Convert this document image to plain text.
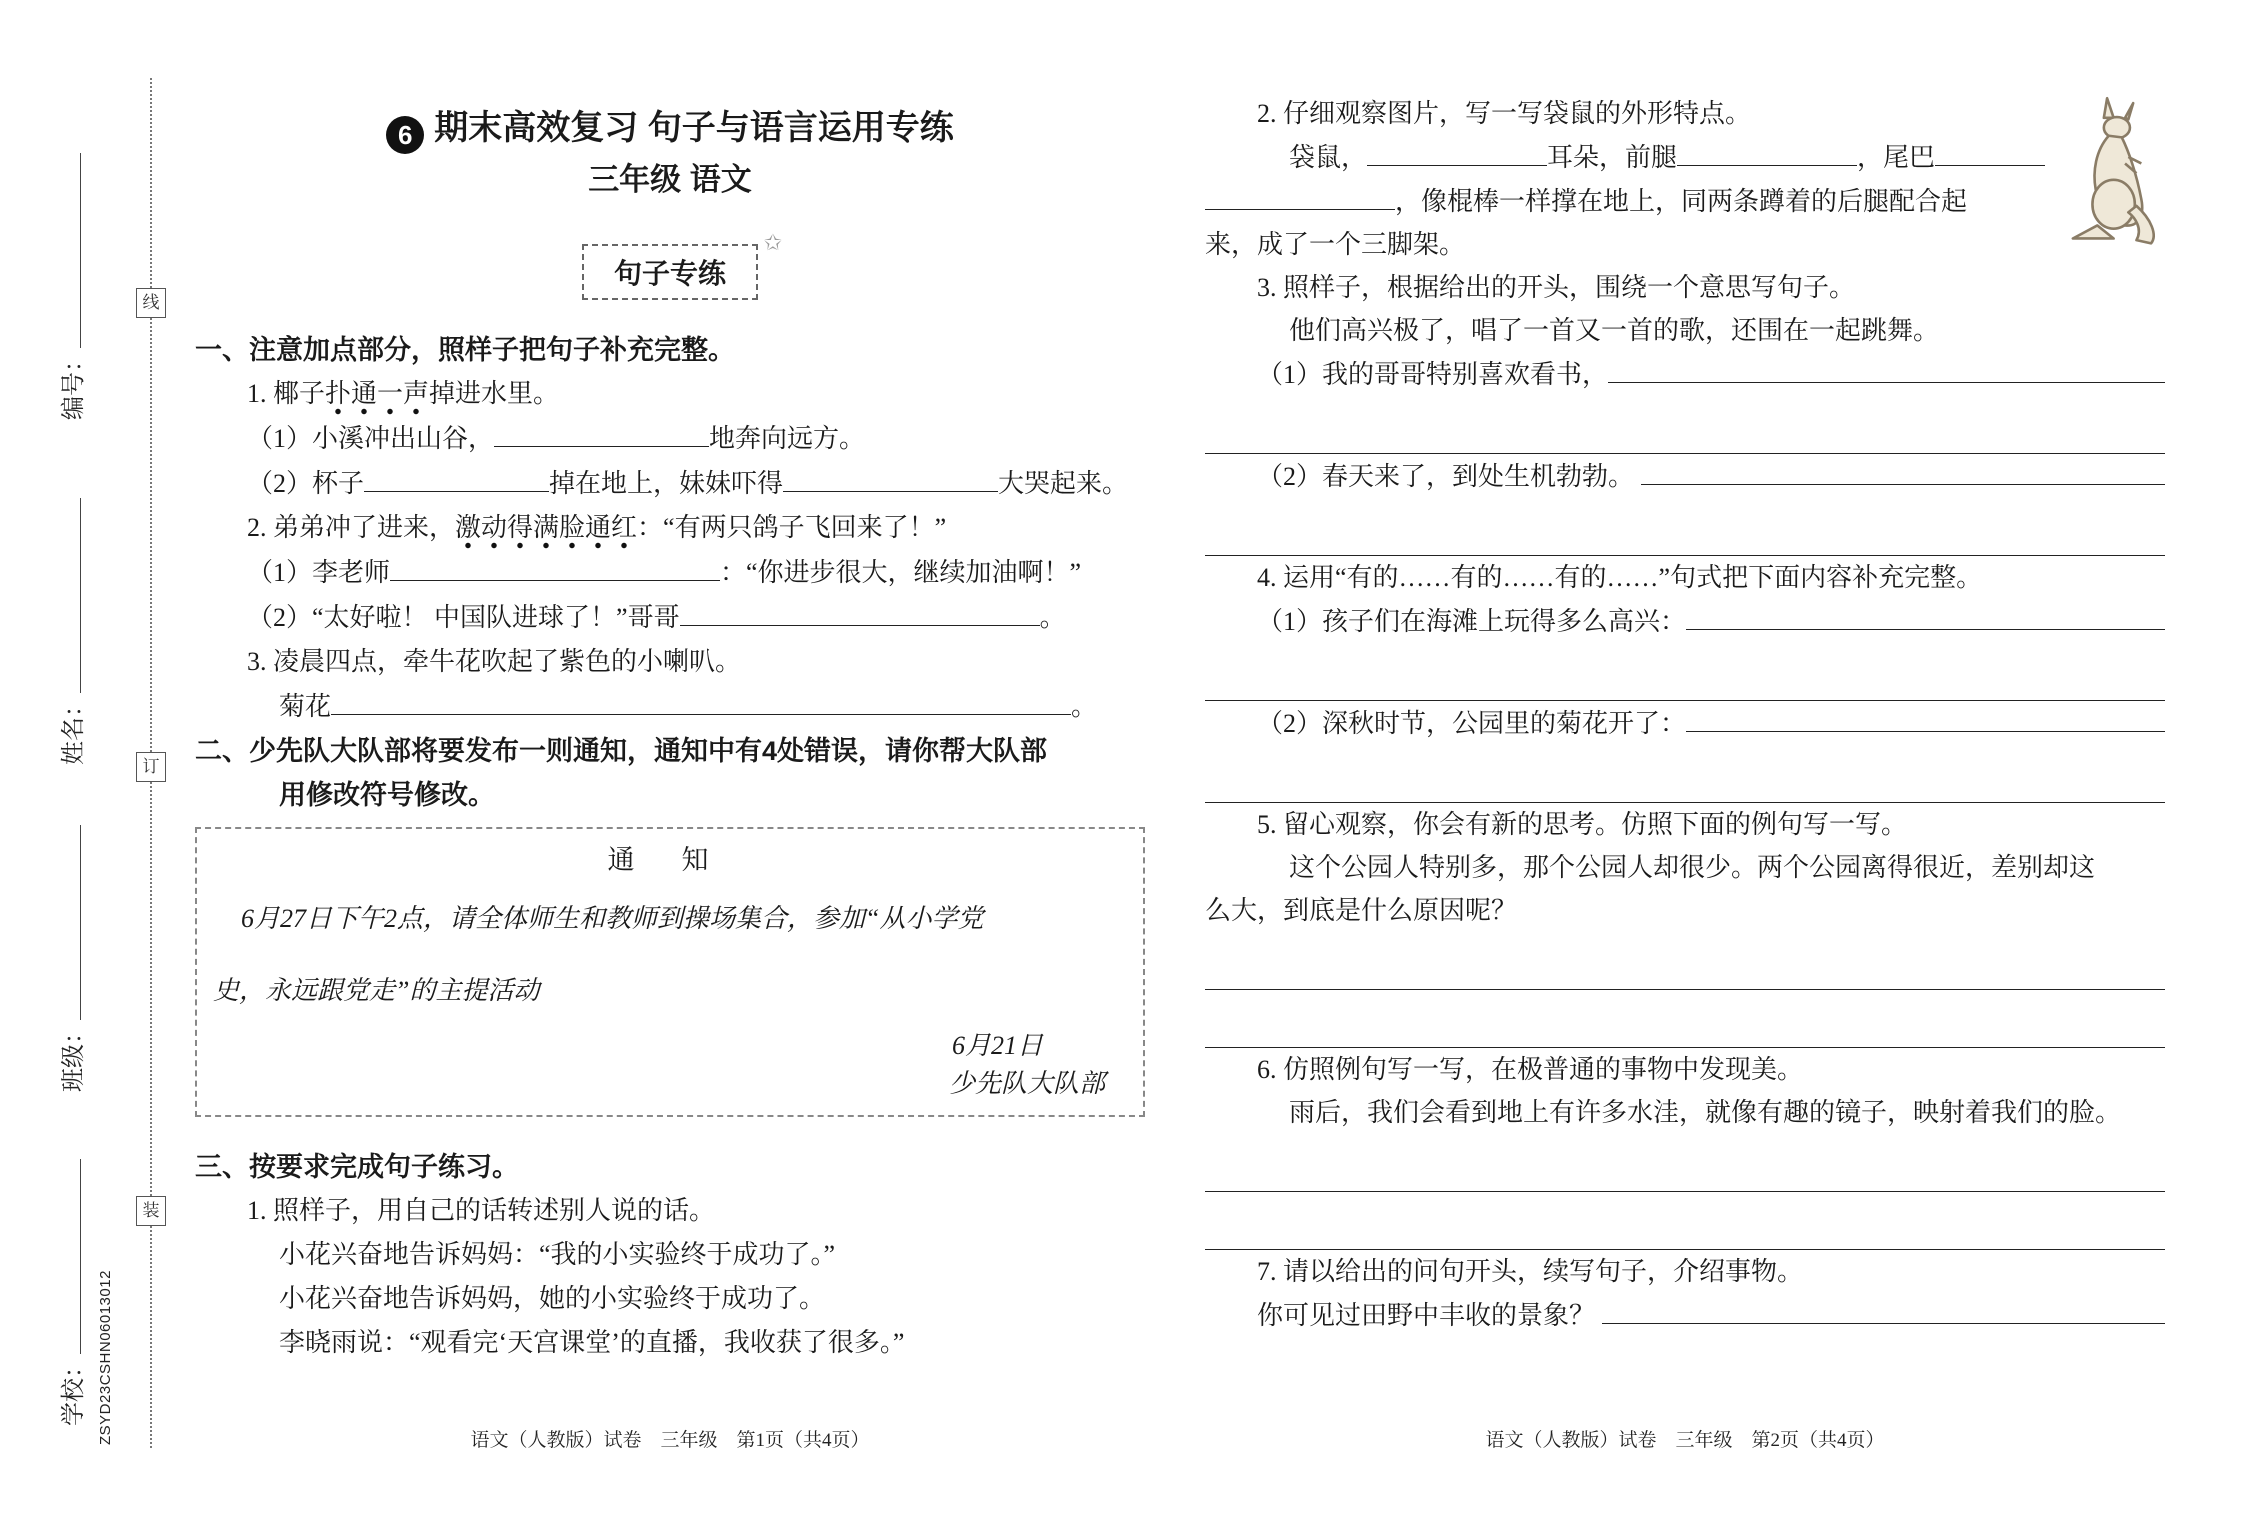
线
订
装
编号：
姓名：
班级：
学校： ZSYD23CSHN06013012
6 期末高效复习 句子与语言运用专练
三年级 语文
句子专练
✩
一、注意加点部分，照样子把句子补充完整。
1. 椰子 扑通一声 掉进水里。
（1）小溪冲出山谷，	地奔向远方。
（2）杯子	掉在地上，妹妹吓得	大哭起来。
2. 弟弟冲了进来， 激动得满脸通红 ：“有两只鸽子飞回来了！”
（1）李老师	：“你进步很大，继续加油啊！”
（2）“太好啦！ 中国队进球了！”哥哥	。
3. 凌晨四点，牵牛花吹起了紫色的小喇叭。
菊花	。
二、少先队大队部将要发布一则通知，通知中有4处错误，请你帮大队部
用修改符号修改。
通　知
6月27日下午2点，请全体师生和教师到操场集合，参加“从小学党
史，永远跟党走”的主提活动
6月21日
少先队大队部
三、按要求完成句子练习。
1. 照样子，用自己的话转述别人说的话。
小花兴奋地告诉妈妈：“我的小实验终于成功了。”
小花兴奋地告诉妈妈，她的小实验终于成功了。
李晓雨说：“观看完‘天宫课堂’的直播，我收获了很多。”
语文（人教版）试卷　三年级　第1页（共4页）
2. 仔细观察图片，写一写袋鼠的外形特点。
袋鼠，	耳朵，前腿	，尾巴
，像棍棒一样撑在地上，同两条蹲着的后腿配合起
来，成了一个三脚架。
3. 照样子，根据给出的开头，围绕一个意思写句子。
他们高兴极了，唱了一首又一首的歌，还围在一起跳舞。
（1）我的哥哥特别喜欢看书，
（2）春天来了，到处生机勃勃。
4. 运用“有的……有的……有的……”句式把下面内容补充完整。
（1）孩子们在海滩上玩得多么高兴：
（2）深秋时节，公园里的菊花开了：
5. 留心观察，你会有新的思考。仿照下面的例句写一写。
这个公园人特别多，那个公园人却很少。两个公园离得很近，差别却这
么大，到底是什么原因呢？
6. 仿照例句写一写，在极普通的事物中发现美。
雨后，我们会看到地上有许多水洼，就像有趣的镜子，映射着我们的脸。
7. 请以给出的问句开头，续写句子，介绍事物。
你可见过田野中丰收的景象？
语文（人教版）试卷　三年级　第2页（共4页）
